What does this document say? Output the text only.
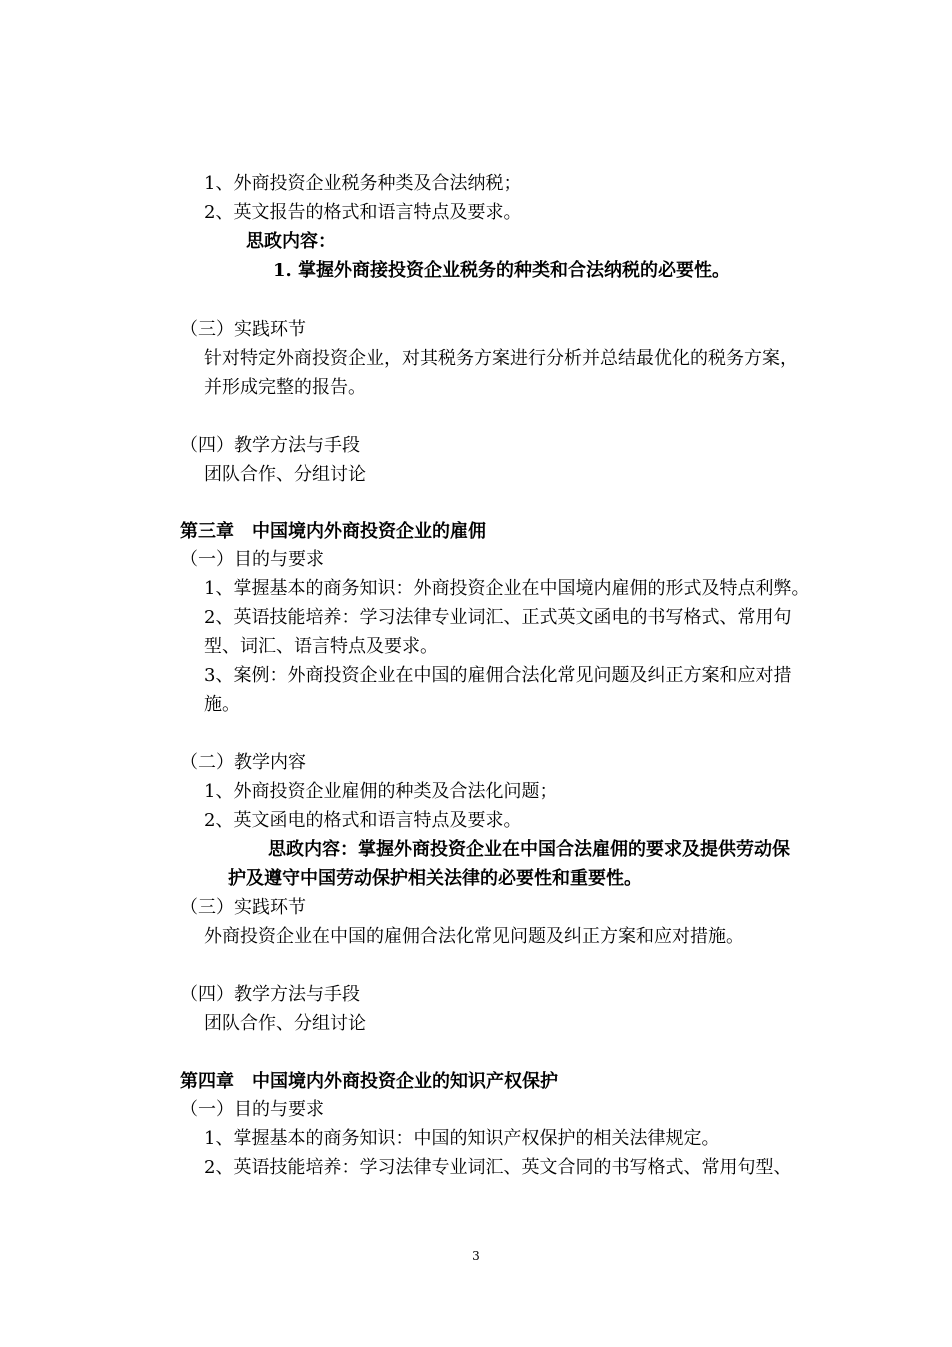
1、外商投资企业税务种类及合法纳税；
2、英文报告的格式和语言特点及要求。
思政内容：
1. 掌握外商接投资企业税务的种类和合法纳税的必要性。
（三）实践环节
针对特定外商投资企业，对其税务方案进行分析并总结最优化的税务方案，
并形成完整的报告。
（四）教学方法与手段
团队合作、分组讨论
第三章　中国境内外商投资企业的雇佣
（一）目的与要求
1、掌握基本的商务知识：外商投资企业在中国境内雇佣的形式及特点利弊。
2、英语技能培养：学习法律专业词汇、正式英文函电的书写格式、常用句
型、词汇、语言特点及要求。
3、案例：外商投资企业在中国的雇佣合法化常见问题及纠正方案和应对措
施。
（二）教学内容
1、外商投资企业雇佣的种类及合法化问题；
2、英文函电的格式和语言特点及要求。
思政内容：掌握外商投资企业在中国合法雇佣的要求及提供劳动保
护及遵守中国劳动保护相关法律的必要性和重要性。
（三）实践环节
外商投资企业在中国的雇佣合法化常见问题及纠正方案和应对措施。
（四）教学方法与手段
团队合作、分组讨论
第四章　中国境内外商投资企业的知识产权保护
（一）目的与要求
1、掌握基本的商务知识：中国的知识产权保护的相关法律规定。
2、英语技能培养：学习法律专业词汇、英文合同的书写格式、常用句型、
3
